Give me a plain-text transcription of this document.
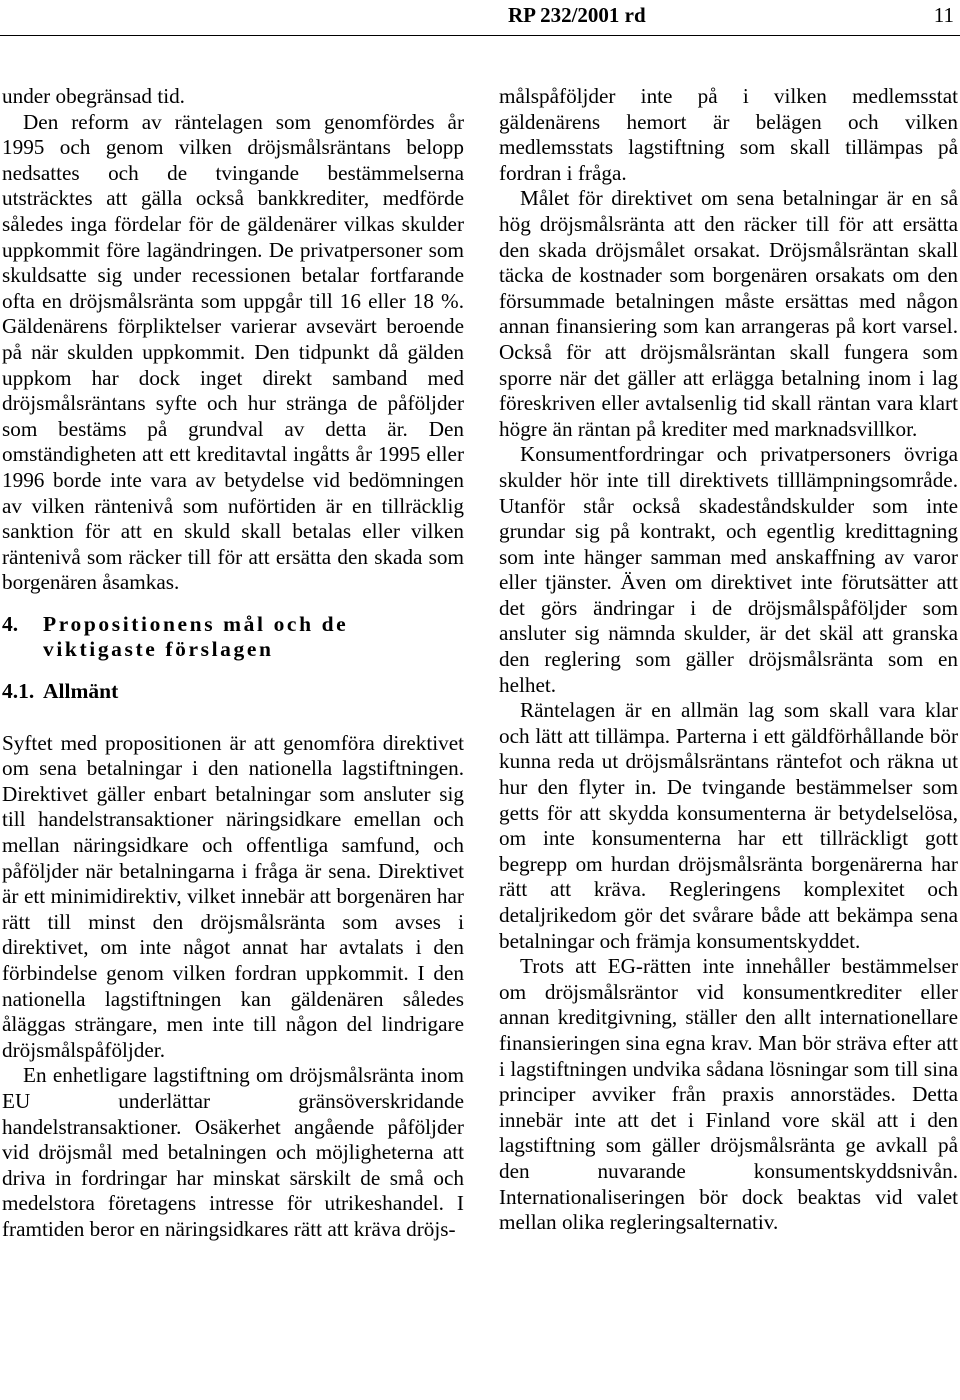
RP 232/2001 rd	11

under obegränsad tid.

Den reform av räntelagen som genomfördes år 1995 och genom vilken dröjsmålsräntans belopp nedsattes och de tvingande bestämmelserna utsträcktes att gälla också bankkrediter, medförde således inga fördelar för de gäldenärer vilkas skulder uppkommit före lagändringen. De privatpersoner som skuldsatte sig under recessionen betalar fortfarande ofta en dröjsmålsränta som uppgår till 16 eller 18 %. Gäldenärens förpliktelser varierar avsevärt beroende på när skulden uppkommit. Den tidpunkt då gälden uppkom har dock inget direkt samband med dröjsmålsräntans syfte och hur stränga de påföljder som bestäms på grundval av detta är. Den omständigheten att ett kreditavtal ingåtts år 1995 eller 1996 borde inte vara av betydelse vid bedömningen av vilken räntenivå som nuförtiden är en tillräcklig sanktion för att en skuld skall betalas eller vilken räntenivå som räcker till för att ersätta den skada som borgenären åsamkas.

4. Propositionens mål och de viktigaste förslagen
4.1. Allmänt

Syftet med propositionen är att genomföra direktivet om sena betalningar i den nationella lagstiftningen. Direktivet gäller enbart betalningar som ansluter sig till handelstransaktioner näringsidkare emellan och mellan näringsidkare och offentliga samfund, och påföljder när betalningarna i fråga är sena. Direktivet är ett minimidirektiv, vilket innebär att borgenären har rätt till minst den dröjsmålsränta som avses i direktivet, om inte något annat har avtalats i den förbindelse genom vilken fordran uppkommit. I den nationella lagstiftningen kan gäldenären således åläggas strängare, men inte till någon del lindrigare dröjsmålspåföljder.

En enhetligare lagstiftning om dröjsmålsränta inom EU underlättar gränsöverskridande handelstransaktioner. Osäkerhet angående påföljder vid dröjsmål med betalningen och möjligheterna att driva in fordringar har minskat särskilt de små och medelstora företagens intresse för utrikeshandel. I framtiden beror en näringsidkares rätt att kräva dröjs-

målspåföljder inte på i vilken medlemsstat gäldenärens hemort är belägen och vilken medlemsstats lagstiftning som skall tillämpas på fordran i fråga.

Målet för direktivet om sena betalningar är en så hög dröjsmålsränta att den räcker till för att ersätta den skada dröjsmålet orsakat. Dröjsmålsräntan skall täcka de kostnader som borgenären orsakats om den försummade betalningen måste ersättas med någon annan finansiering som kan arrangeras på kort varsel. Också för att dröjsmålsräntan skall fungera som sporre när det gäller att erlägga betalning inom i lag föreskriven eller avtalsenlig tid skall räntan vara klart högre än räntan på krediter med marknadsvillkor.

Konsumentfordringar och privatpersoners övriga skulder hör inte till direktivets tilllämpningsområde. Utanför står också skadeståndskulder som inte grundar sig på kontrakt, och egentlig kredittagning som inte hänger samman med anskaffning av varor eller tjänster. Även om direktivet inte förutsätter att det görs ändringar i de dröjsmålspåföljder som ansluter sig nämnda skulder, är det skäl att granska den reglering som gäller dröjsmålsränta som en helhet.

Räntelagen är en allmän lag som skall vara klar och lätt att tillämpa. Parterna i ett gäldförhållande bör kunna reda ut dröjsmålsräntans räntefot och räkna ut hur den flyter in. De tvingande bestämmelser som getts för att skydda konsumenterna är betydelselösa, om inte konsumenterna har ett tillräckligt gott begrepp om hurdan dröjsmålsränta borgenärerna har rätt att kräva. Regleringens komplexitet och detaljrikedom gör det svårare både att bekämpa sena betalningar och främja konsumentskyddet.

Trots att EG-rätten inte innehåller bestämmelser om dröjsmålsräntor vid konsumentkrediter eller annan kreditgivning, ställer den allt internationellare finansieringen sina egna krav. Man bör sträva efter att i lagstiftningen undvika sådana lösningar som till sina principer avviker från praxis annorstädes. Detta innebär inte att det i Finland vore skäl att i den lagstiftning som gäller dröjsmålsränta ge avkall på den nuvarande konsumentskyddsnivån. Internationaliseringen bör dock beaktas vid valet mellan olika regleringsalternativ.
